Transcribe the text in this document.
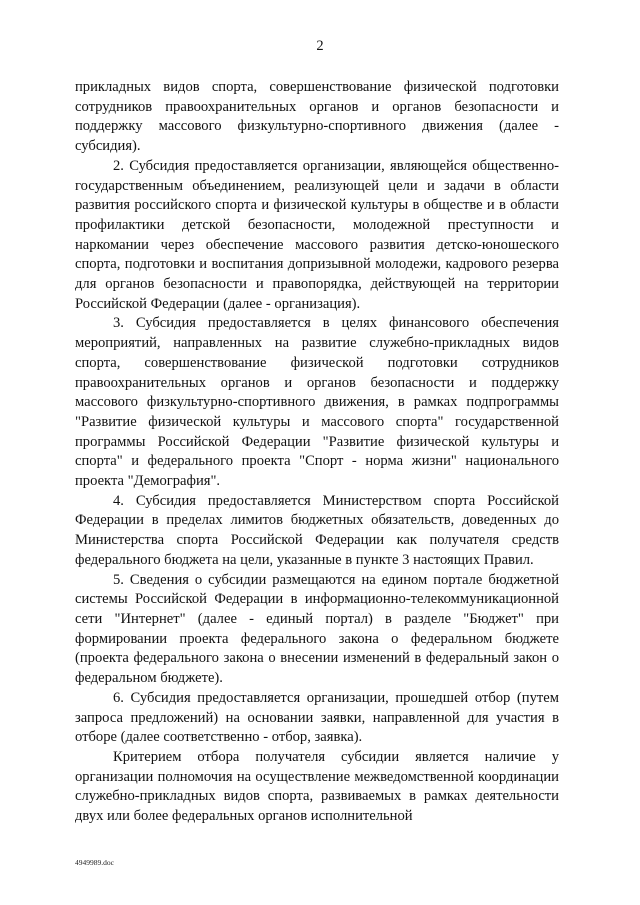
2

прикладных видов спорта, совершенствование физической подготовки сотрудников правоохранительных органов и органов безопасности и поддержку массового физкультурно-спортивного движения (далее - субсидия).

2. Субсидия предоставляется организации, являющейся общественно-государственным объединением, реализующей цели и задачи в области развития российского спорта и физической культуры в обществе и в области профилактики детской безопасности, молодежной преступности и наркомании через обеспечение массового развития детско-юношеского спорта, подготовки и воспитания допризывной молодежи, кадрового резерва для органов безопасности и правопорядка, действующей на территории Российской Федерации (далее - организация).

3. Субсидия предоставляется в целях финансового обеспечения мероприятий, направленных на развитие служебно-прикладных видов спорта, совершенствование физической подготовки сотрудников правоохранительных органов и органов безопасности и поддержку массового физкультурно-спортивного движения, в рамках подпрограммы "Развитие физической культуры и массового спорта" государственной программы Российской Федерации "Развитие физической культуры и спорта" и федерального проекта "Спорт - норма жизни" национального проекта "Демография".

4. Субсидия предоставляется Министерством спорта Российской Федерации в пределах лимитов бюджетных обязательств, доведенных до Министерства спорта Российской Федерации как получателя средств федерального бюджета на цели, указанные в пункте 3 настоящих Правил.

5. Сведения о субсидии размещаются на едином портале бюджетной системы Российской Федерации в информационно-телекоммуникационной сети "Интернет" (далее - единый портал) в разделе "Бюджет" при формировании проекта федерального закона о федеральном бюджете (проекта федерального закона о внесении изменений в федеральный закон о федеральном бюджете).

6. Субсидия предоставляется организации, прошедшей отбор (путем запроса предложений) на основании заявки, направленной для участия в отборе (далее соответственно - отбор, заявка).

Критерием отбора получателя субсидии является наличие у организации полномочия на осуществление межведомственной координации служебно-прикладных видов спорта, развиваемых в рамках деятельности двух или более федеральных органов исполнительной

4949989.doc
